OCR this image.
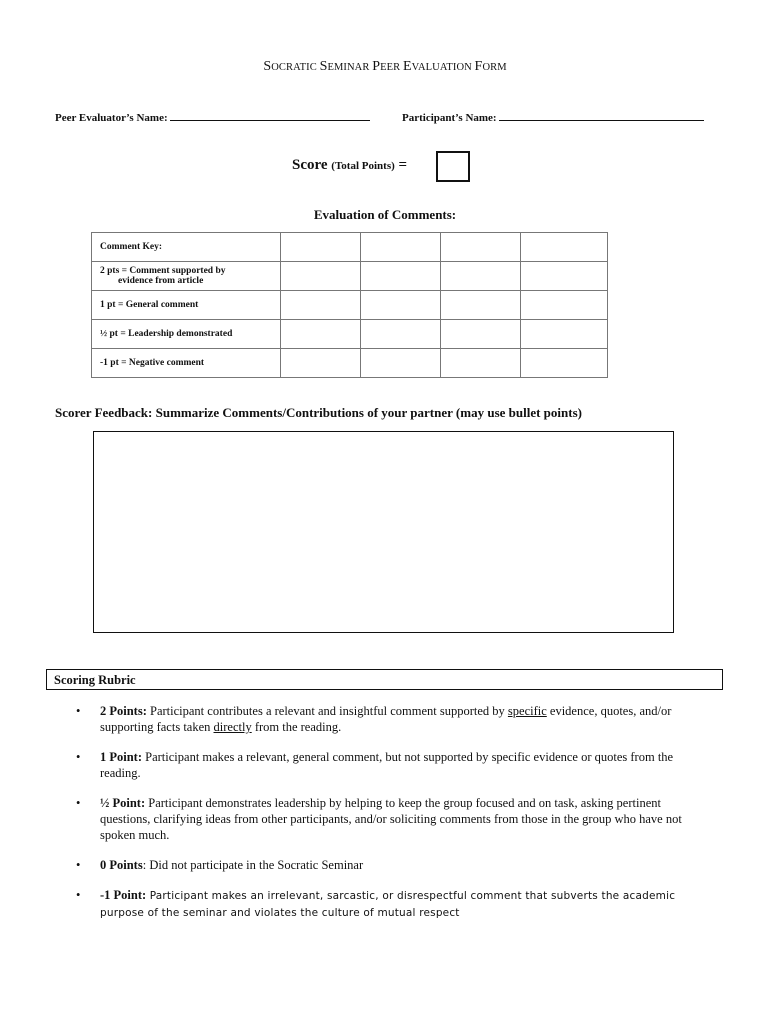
SOCRATIC SEMINAR PEER EVALUATION FORM
Peer Evaluator’s Name:	Participant’s Name:
Score (Total Points) =
Evaluation of Comments:
Comment Key:				
2 pts = Comment supported by
evidence from article				

1 pt = General comment				
½ pt = Leadership demonstrated				
-1 pt = Negative comment				
Scorer Feedback: Summarize Comments/Contributions of your partner (may use bullet points)
Scoring Rubric
• 2 Points: Participant contributes a relevant and insightful comment supported by specific evidence, quotes, and/or supporting facts taken directly from the reading.
• 1 Point: Participant makes a relevant, general comment, but not supported by specific evidence or quotes from the reading.
• ½ Point: Participant demonstrates leadership by helping to keep the group focused and on task, asking pertinent questions, clarifying ideas from other participants, and/or soliciting comments from those in the group who have not spoken much.
• 0 Points: Did not participate in the Socratic Seminar
• -1 Point: Participant makes an irrelevant, sarcastic, or disrespectful comment that subverts the academic purpose of the seminar and violates the culture of mutual respect
